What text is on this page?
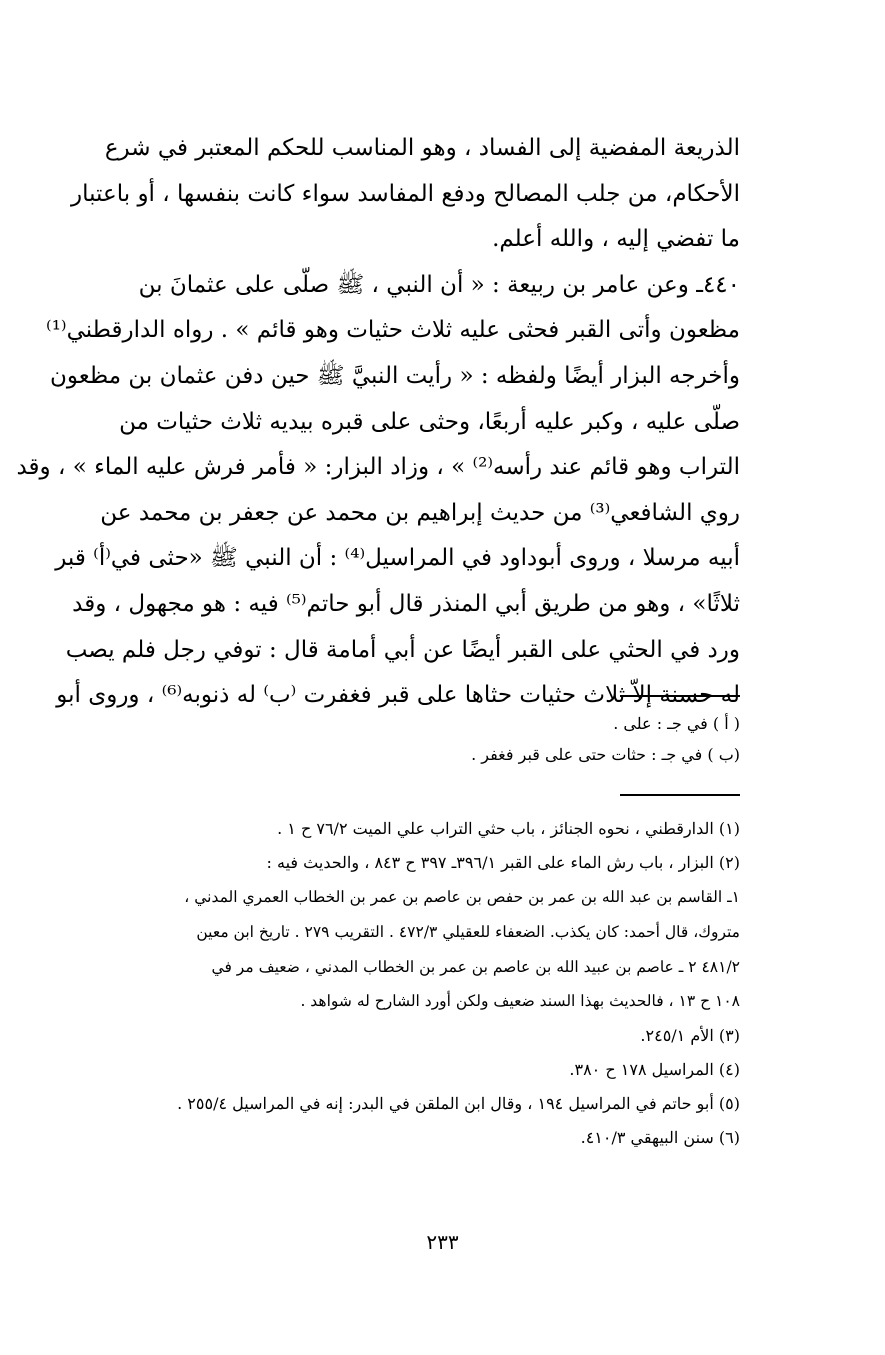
الذريعة المفضية إلى الفساد ، وهو المناسب للحكم المعتبر في شرع
الأحكام، من جلب المصالح ودفع المفاسد سواء كانت بنفسها ، أو باعتبار
ما تفضي إليه ، والله أعلم.
٤٤٠ـ وعن عامر بن ربيعة : « أن النبي ، ﷺ صلّى على عثمانَ بن
مظعون وأتى القبر فحثى عليه ثلاث حثيات وهو قائم » . رواه الدارقطني⁽¹⁾
وأخرجه البزار أيضًا ولفظه : « رأيت النبيَّ ﷺ حين دفن عثمان بن مظعون
صلّى عليه ، وكبر عليه أربعًا، وحثى على قبره بيديه ثلاث حثيات من
التراب وهو قائم عند رأسه⁽²⁾ » ، وزاد البزار: « فأمر فرش عليه الماء » ، وقد
روي الشافعي⁽³⁾ من حديث إبراهيم بن محمد عن جعفر بن محمد عن
أبيه مرسلا ، وروى أبوداود في المراسيل⁽⁴⁾ : أن النبي ﷺ «حثى في⁽أ⁾ قبر
ثلاثًا» ، وهو من طريق أبي المنذر قال أبو حاتم⁽⁵⁾ فيه : هو مجهول ، وقد
ورد في الحثي على القبر أيضًا عن أبي أمامة قال : توفي رجل فلم يصب
له حسنة إلاّ ثلاث حثيات حثاها على قبر فغفرت ⁽ب⁾ له ذنوبه⁽⁶⁾ ، وروى أبو
( أ ) في جـ : على .
(ب ) في جـ : حثات حتى على قبر فغفر .
(١) الدارقطني ، نحوه الجنائز ، باب حثي التراب علي الميت ٧٦/٢ ح ١ .
(٢) البزار ، باب رش الماء على القبر ٣٩٦/١ـ ٣٩٧ ح ٨٤٣ ، والحديث فيه :
١ـ القاسم بن عبد الله بن عمر بن حفص بن عاصم بن عمر بن الخطاب العمري المدني ،
متروك، قال أحمد: كان يكذب. الضعفاء للعقيلي ٤٧٢/٣ . التقريب ٢٧٩ . تاريخ ابن معين
٤٨١/٢ ٢ ـ عاصم بن عبيد الله بن عاصم بن عمر بن الخطاب المدني ، ضعيف مر في
١٠٨ ح ١٣ ، فالحديث بهذا السند ضعيف ولكن أورد الشارح له شواهد .
(٣) الأم ٢٤٥/١.
(٤) المراسيل ١٧٨ ح ٣٨٠.
(٥) أبو حاتم في المراسيل ١٩٤ ، وقال ابن الملقن في البدر: إنه في المراسيل ٢٥٥/٤ .
(٦) سنن البيهقي ٤١٠/٣.
٢٣٣
